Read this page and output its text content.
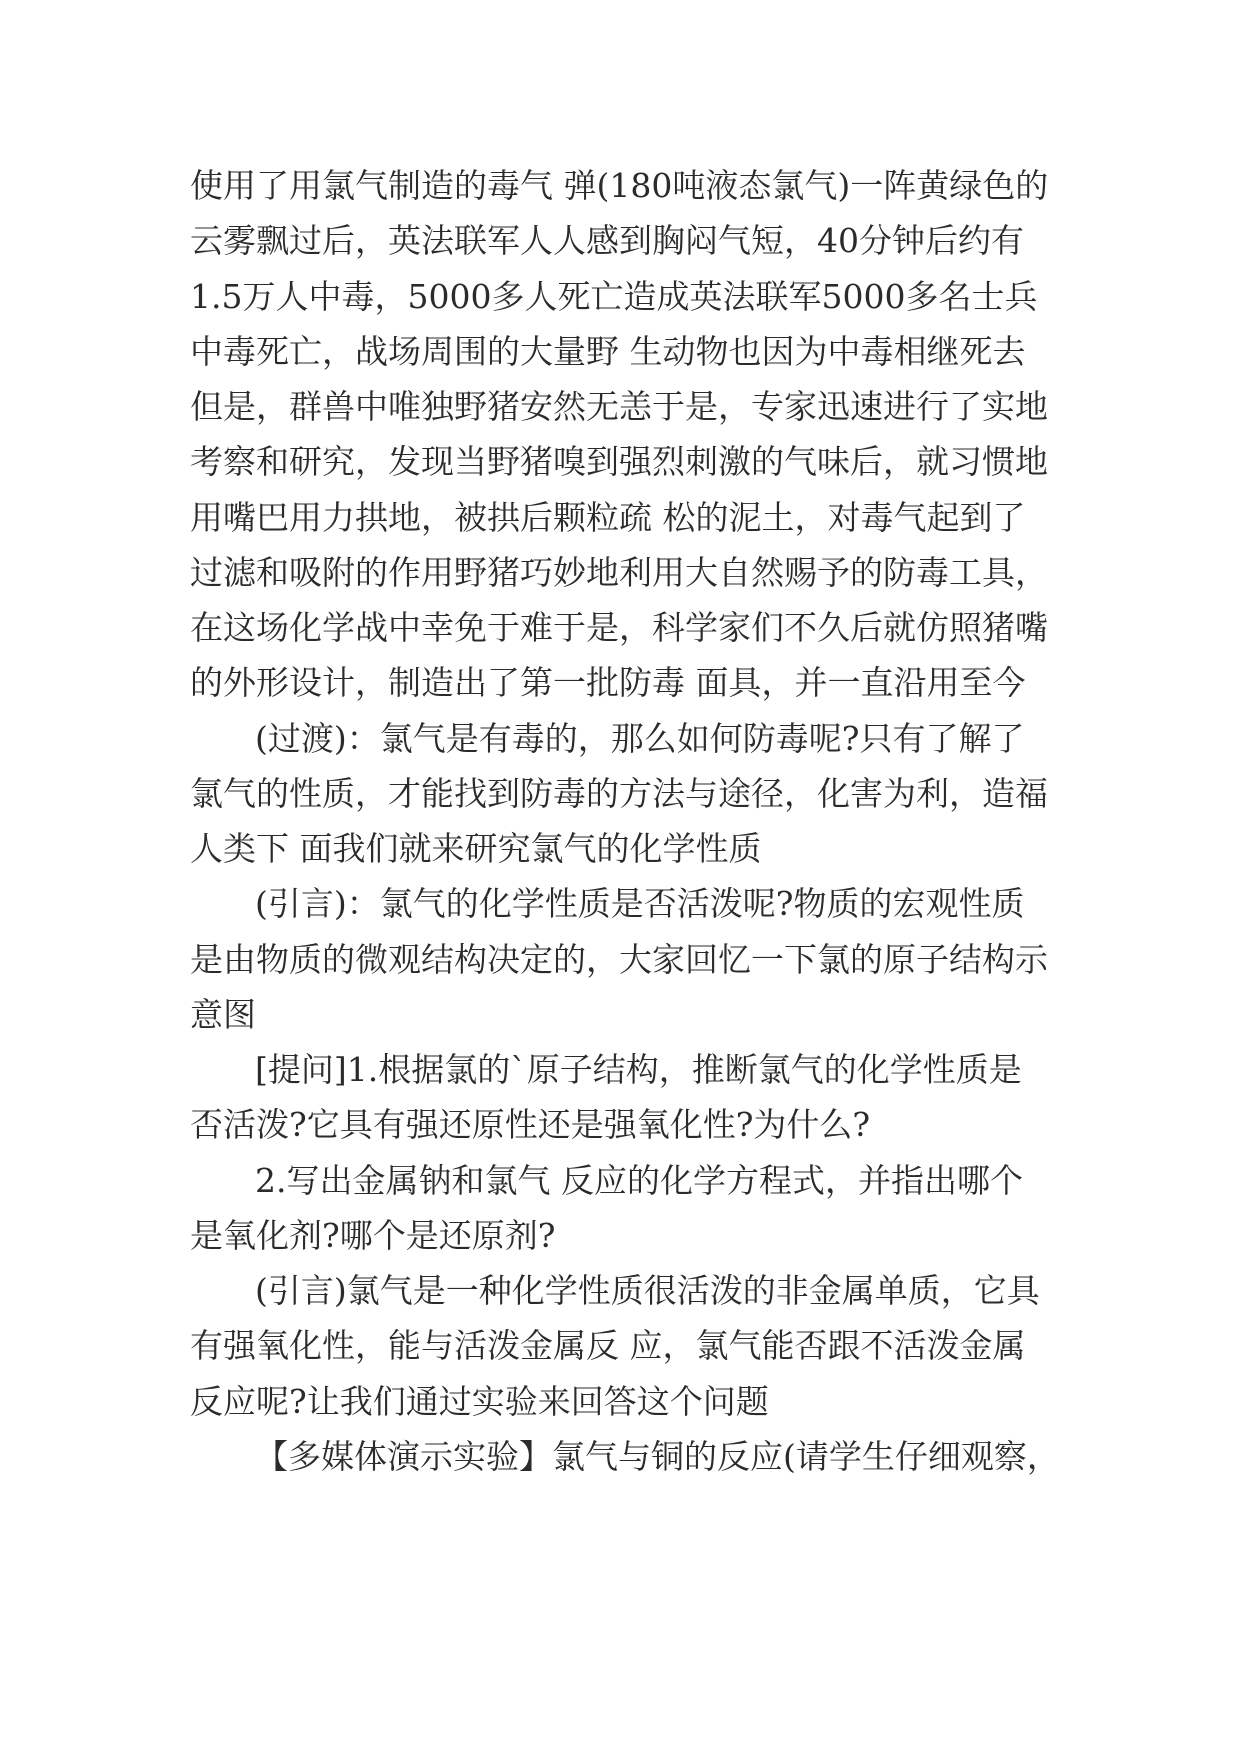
使用了用氯气制造的毒气 弹(180吨液态氯气)一阵黄绿色的
云雾飘过后，英法联军人人感到胸闷气短，40分钟后约有
1.5万人中毒，5000多人死亡造成英法联军5000多名士兵
中毒死亡，战场周围的大量野 生动物也因为中毒相继死去
但是，群兽中唯独野猪安然无恙于是，专家迅速进行了实地
考察和研究，发现当野猪嗅到强烈刺激的气味后，就习惯地
用嘴巴用力拱地，被拱后颗粒疏 松的泥土，对毒气起到了
过滤和吸附的作用野猪巧妙地利用大自然赐予的防毒工具，
在这场化学战中幸免于难于是，科学家们不久后就仿照猪嘴
的外形设计，制造出了第一批防毒 面具，并一直沿用至今
(过渡)：氯气是有毒的，那么如何防毒呢?只有了解了
氯气的性质，才能找到防毒的方法与途径，化害为利，造福
人类下 面我们就来研究氯气的化学性质
(引言)：氯气的化学性质是否活泼呢?物质的宏观性质
是由物质的微观结构决定的，大家回忆一下氯的原子结构示
意图
[提问]1.根据氯的`原子结构，推断氯气的化学性质是
否活泼?它具有强还原性还是强氧化性?为什么?
2.写出金属钠和氯气 反应的化学方程式，并指出哪个
是氧化剂?哪个是还原剂?
(引言)氯气是一种化学性质很活泼的非金属单质，它具
有强氧化性，能与活泼金属反 应，氯气能否跟不活泼金属
反应呢?让我们通过实验来回答这个问题
【多媒体演示实验】氯气与铜的反应(请学生仔细观察，
